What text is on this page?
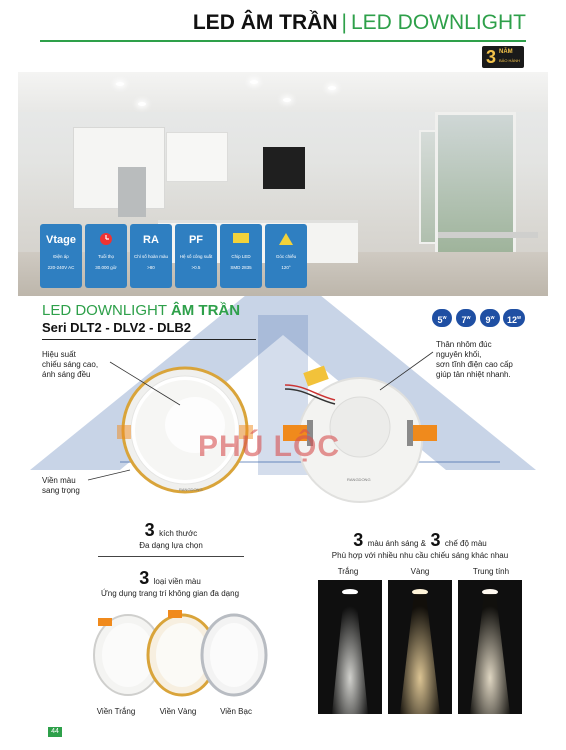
LED ÂM TRẦN | LED DOWNLIGHT
3 NĂM
BẢO HÀNH
Vtage
Điện áp
220-240V AC
Tuổi thọ
30.000 giờ
RA
Chỉ số hoàn màu
>80
PF
Hệ số công suất
>0.5
Chip LED
SMD 2835
Góc chiếu
120°
LED DOWNLIGHT ÂM TRẦN
Seri DLT2 - DLV2 - DLB2	5$^w$	7$^w$	9$^w$	12$^w$
RANGDONG
RANGDONG
Hiệu suất
chiếu sáng cao,
ánh sáng đều
Viền màu
sang trọng
Thân nhôm đúc
nguyên khối,
sơn tĩnh điện cao cấp
giúp tản nhiệt nhanh.
PHÚ LỘC
3 kích thước
Đa dạng lựa chọn
3 loại viền màu
Ứng dụng trang trí không gian đa dạng
Viền Trắng	Viền Vàng	Viền Bạc
3 màu ánh sáng & 3 chế độ màu
Phù hợp với nhiều nhu cầu chiếu sáng khác nhau
Trắng	Vàng	Trung tính
44
